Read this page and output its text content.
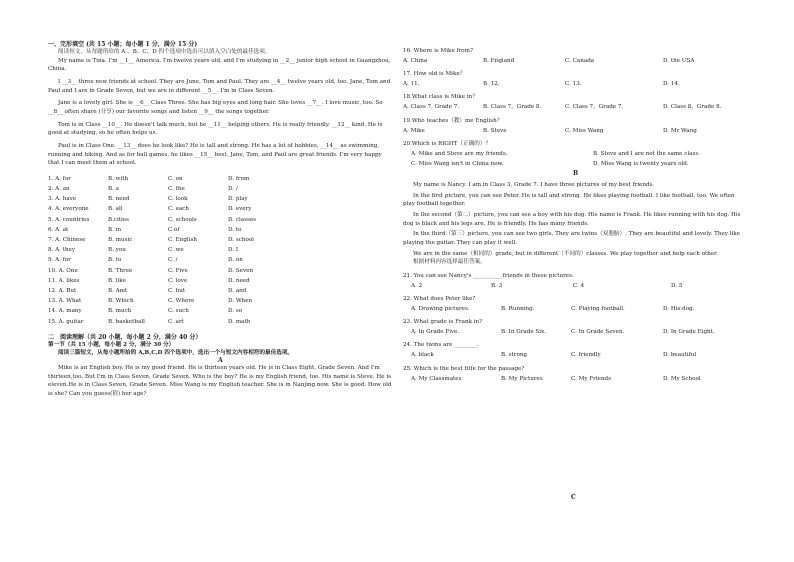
一、完形填空 (共 15 小题；每小题 1 分，满分 15 分)

阅读短文，从每题所给的 A 、B、C、D 四个选项中选出可以填入空白处的最佳选项。

My name is Tina. I'm __1__ America. I'm twelve years old, and I'm studying in __2__ junior high school in Guangzhou, China.

I __3__ three new friends at school. They are June, Tom and Paul. They are __4__ twelve years old, too. Jane, Tom and Paul and I are in Grade Seven, but we are in different __5__. I'm in Class Seven.

Jane is a lovely girl. She is __6__ Class Three. She has big eyes and long hair. She loves __7__. I love music, too. So __8__ often share (分享) our favorite songs and listen __9__ the songs together.

Tom is in Class __10__. He doesn't talk much, but he __11__ helping others. He is really friendly. __12__ kind. He is good at studying, so he often helps us.

Paul is in Class One. __13__ does he look like? He is tall and strong. He has a lot of hobbies, __14__ as swimming, running and hiking. And as for ball games, he likes __15__ best. Jane, Tom, and Paul are great friends. I'm very happy that I can meet them at school.

1. A. for	B. with	C. on	D. from
2. A. an	B. a	C. the	D. /
3. A. have	B. need	C. look	D. play
4. A. everyone	B. all	C. each	D. every
5. A. countries	B.cities	C. schools	D. classes
6. A. at	B. in	C.of	D. to
7. A. Chinese	B. music	C. English	D. school
8. A. they	B. you	C. we	D. I
9. A. for	B. to	C. /	D. on
10. A. One	B. Three	C. Five	D. Seven
11. A. likes	B. like	C. love	D. need
12. A. But	B. And	C. but	D. and
13. A. What	B. Which	C. Where	D. When
14. A. many	B. much	C. such	D. so
15. A. guitar	B. basketball	C. art	D. math

二　阅读理解（共 20 小题，每小题 2 分，满分 40 分）

第一节（共 15 小题，每小题 2 分，满分 30 分）

阅读三篇短文，从每小题所给的 A,B,C,D 四个选项中，选出一个与短文内容相符的最佳选项。

A

Mike is an English boy. He is my good friend. He is thirteen years old. He is in Class Eight, Grade Seven. And I'm thirteen,too. But I'm in Class Seven, Grade Seven. Who is the boy? He is my English friend, too. His name is Steve. He is eleven.He is in Class Seven, Grade Seven. Miss Wang is my English teacher. She is in Nanjing now. She is good. How old is she? Can you guess(猜) her age?

16. Where is Mike from?

A. China	B. England	C. Canada	D. the USA

17. How old is Mike？

A. 11.	B. 12.	C. 13.	D. 14.

18.What class is Mike in？

A. Class 7, Grade 7.	B. Class 7，Grade 8.	C. Class 7，Grade 7.	D. Class 8，Grade 8.

19.Who teaches（教）me English？

A. Mike	B. Steve	C. Miss Wang	D. Mr Wang

20.Which is RIGHT（正确的）？

A. Mike and Steve are my friends.	B. Steve and I are not the same class.
C. Miss Wang isn't in China now.	D. Miss Wang is twenty years old.

B

My name is Nancy. I am in Class 3, Grade 7. I have three pictures of my best friends.

In the first picture, you can see Peter. He is tall and strong. He likes playing football. I like football, too. We often play football together.

In the second（第二）picture, you can see a boy with his dog. His name is Frank. He likes running with his dog. His dog is black and his legs are. He is friendly. He has many friends.

In the third（第三）picture, you can see two girls. They are twins（双胞胎）. They are beautiful and lovely. They like playing the guitar. They can play it well.

We are in the same（相同的）grade, but in different（不同的）classes. We play together and help each other.

根据材料内容选择最佳答案。

21. You can see Nancy's __________ friends in these pictures.

A. 2	B. 3	C. 4	D. 5

22. What does Peter like?

A. Drawing pictures.	B. Running.	C. Playing football.	D. His dog.

23. What grade is Frank in?

A. In Grade Five.	B. In Grade Six.	C. In Grade Seven.	D. In Grade Eight.

24. The twins are ________.

A. black	B. strong	C. friendly	D. beautiful

25. Which is the best title for the passage?

A. My Classmates	B. My Pictures	C. My Friends	D. My School
C
